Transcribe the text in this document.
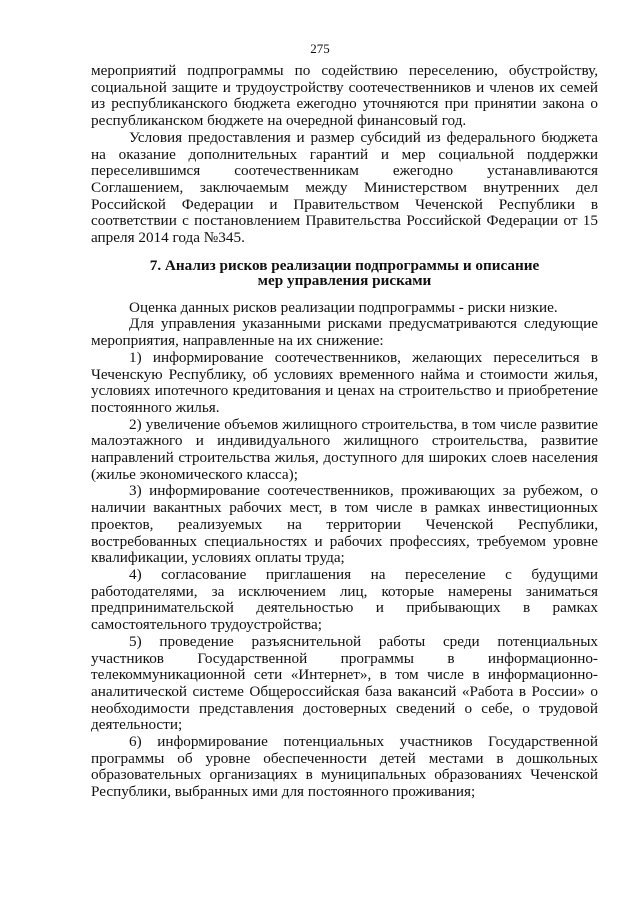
275

мероприятий подпрограммы по содействию переселению, обустройству, социальной защите и трудоустройству соотечественников и членов их семей из республиканского бюджета ежегодно уточняются при принятии закона о республиканском бюджете на очередной финансовый год.

Условия предоставления и размер субсидий из федерального бюджета на оказание дополнительных гарантий и мер социальной поддержки переселившимся соотечественникам ежегодно устанавливаются Соглашением, заключаемым между Министерством внутренних дел Российской Федерации и Правительством Чеченской Республики в соответствии с постановлением Правительства Российской Федерации от 15 апреля 2014 года №345.

7. Анализ рисков реализации подпрограммы и описание
мер управления рисками

Оценка данных рисков реализации подпрограммы - риски низкие.

Для управления указанными рисками предусматриваются следующие мероприятия, направленные на их снижение:

1) информирование соотечественников, желающих переселиться в Чеченскую Республику, об условиях временного найма и стоимости жилья, условиях ипотечного кредитования и ценах на строительство и приобретение постоянного жилья.

2) увеличение объемов жилищного строительства, в том числе развитие малоэтажного и индивидуального жилищного строительства, развитие направлений строительства жилья, доступного для широких слоев населения (жилье экономического класса);

3) информирование соотечественников, проживающих за рубежом, о наличии вакантных рабочих мест, в том числе в рамках инвестиционных проектов, реализуемых на территории Чеченской Республики, востребованных специальностях и рабочих профессиях, требуемом уровне квалификации, условиях оплаты труда;

4) согласование приглашения на переселение с будущими работодателями, за исключением лиц, которые намерены заниматься предпринимательской деятельностью и прибывающих в рамках самостоятельного трудоустройства;

5) проведение разъяснительной работы среди потенциальных участников Государственной программы в информационно-телекоммуникационной сети «Интернет», в том числе в информационно-аналитической системе Общероссийская база вакансий «Работа в России» о необходимости представления достоверных сведений о себе, о трудовой деятельности;

6) информирование потенциальных участников Государственной программы об уровне обеспеченности детей местами в дошкольных образовательных организациях в муниципальных образованиях Чеченской Республики, выбранных ими для постоянного проживания;
